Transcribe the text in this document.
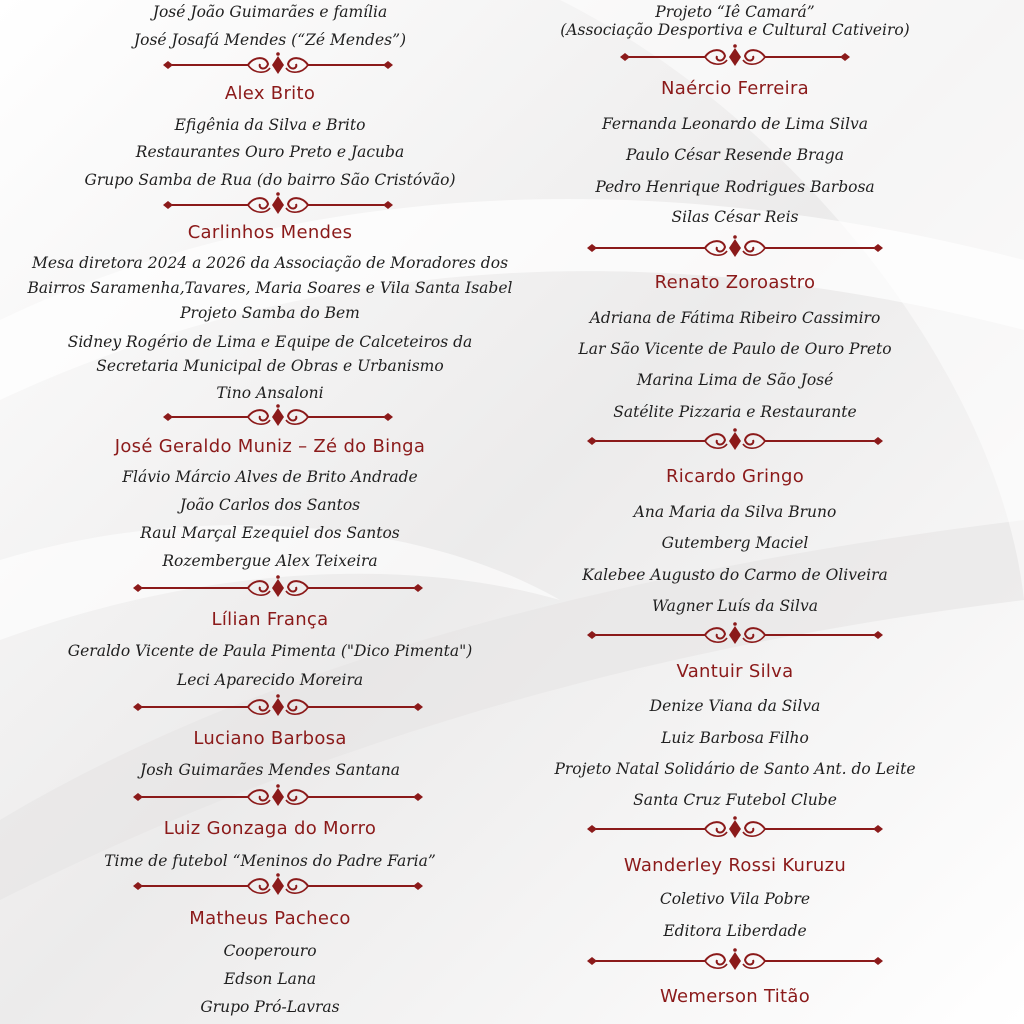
José João Guimarães e família
José Josafá Mendes (“Zé Mendes”)
Alex Brito
Efigênia da Silva e Brito
Restaurantes Ouro Preto e Jacuba
Grupo Samba de Rua (do bairro São Cristóvão)
Carlinhos Mendes
Mesa diretora 2024 a 2026 da Associação de Moradores dos
Bairros Saramenha,Tavares, Maria Soares e Vila Santa Isabel
Projeto Samba do Bem
Sidney Rogério de Lima e Equipe de Calceteiros da
Secretaria Municipal de Obras e Urbanismo
Tino Ansaloni
José Geraldo Muniz – Zé do Binga
Flávio Márcio Alves de Brito Andrade
João Carlos dos Santos
Raul Marçal Ezequiel dos Santos
Rozembergue Alex Teixeira
Lílian França
Geraldo Vicente de Paula Pimenta ("Dico Pimenta")
Leci Aparecido Moreira
Luciano Barbosa
Josh Guimarães Mendes Santana
Luiz Gonzaga do Morro
Time de futebol “Meninos do Padre Faria”
Matheus Pacheco
Cooperouro
Edson Lana
Grupo Pró-Lavras
Projeto “Iê Camará”
(Associação Desportiva e Cultural Cativeiro)
Naércio Ferreira
Fernanda Leonardo de Lima Silva
Paulo César Resende Braga
Pedro Henrique Rodrigues Barbosa
Silas César Reis
Renato Zoroastro
Adriana de Fátima Ribeiro Cassimiro
Lar São Vicente de Paulo de Ouro Preto
Marina Lima de São José
Satélite Pizzaria e Restaurante
Ricardo Gringo
Ana Maria da Silva Bruno
Gutemberg Maciel
Kalebee Augusto do Carmo de Oliveira
Wagner Luís da Silva
Vantuir Silva
Denize Viana da Silva
Luiz Barbosa Filho
Projeto Natal Solidário de Santo Ant. do Leite
Santa Cruz Futebol Clube
Wanderley Rossi Kuruzu
Coletivo Vila Pobre
Editora Liberdade
Wemerson Titão
